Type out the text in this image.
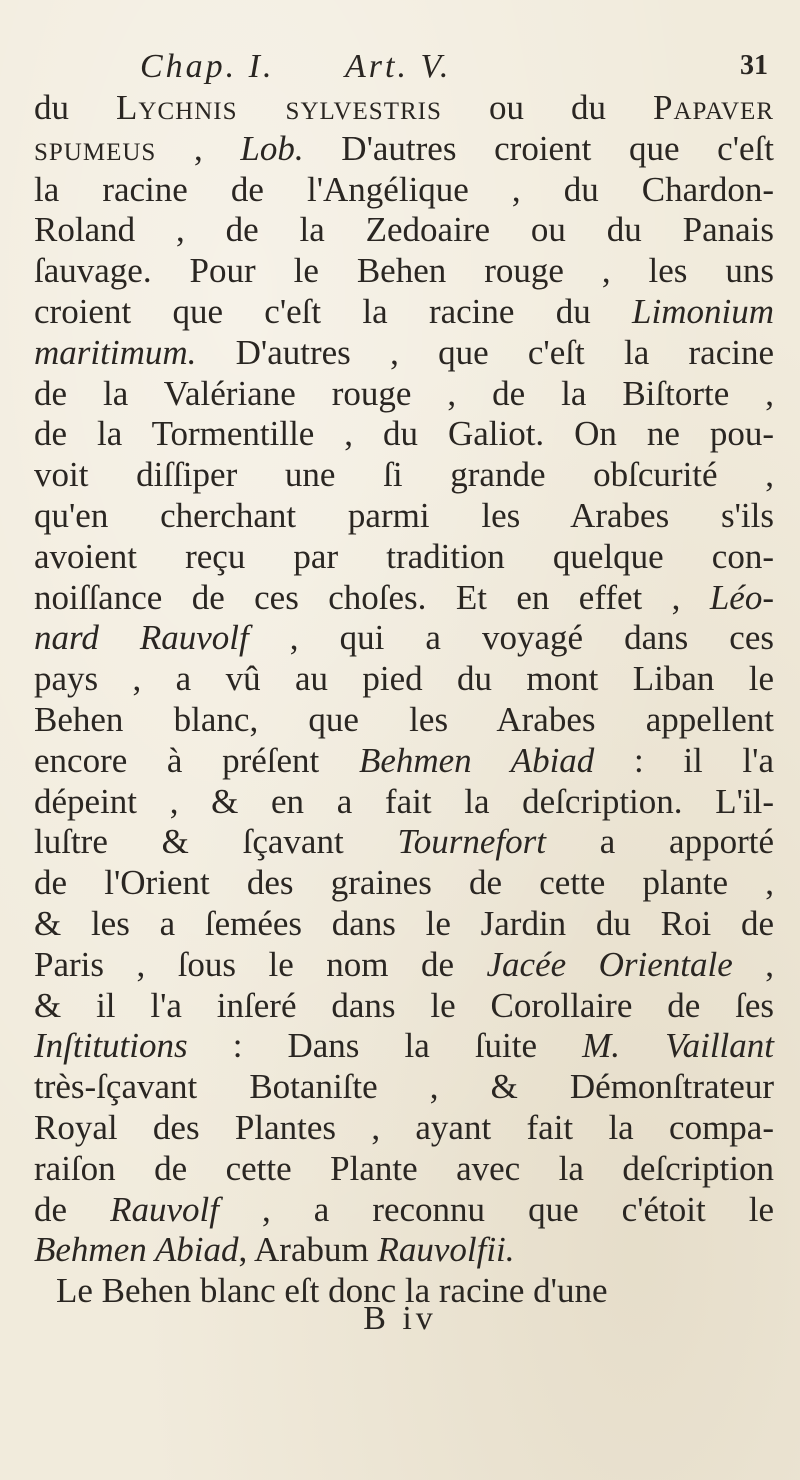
Chap. I. Art. V.	31
du Lychnis sylvestris ou du Papaver
spumeus , Lob. D'autres croient que c'eſt
la racine de l'Angélique , du Chardon-
Roland , de la Zedoaire ou du Panais
ſauvage. Pour le Behen rouge , les uns
croient que c'eſt la racine du Limonium
maritimum. D'autres , que c'eſt la racine
de la Valériane rouge , de la Biſtorte ,
de la Tormentille , du Galiot. On ne pou-
voit diſſiper une ſi grande obſcurité ,
qu'en cherchant parmi les Arabes s'ils
avoient reçu par tradition quelque con-
noiſſance de ces choſes. Et en effet , Léo-
nard Rauvolf , qui a voyagé dans ces
pays , a vû au pied du mont Liban le
Behen blanc, que les Arabes appellent
encore à préſent Behmen Abiad : il l'a
dépeint , & en a fait la deſcription. L'il-
luſtre & ſçavant Tournefort a apporté
de l'Orient des graines de cette plante ,
& les a ſemées dans le Jardin du Roi de
Paris , ſous le nom de Jacée Orientale ,
& il l'a inſeré dans le Corollaire de ſes
Inſtitutions : Dans la ſuite M. Vaillant
très-ſçavant Botaniſte , & Démonſtrateur
Royal des Plantes , ayant fait la compa-
raiſon de cette Plante avec la deſcription
de Rauvolf , a reconnu que c'étoit le
Behmen Abiad, Arabum Rauvolfii.
Le Behen blanc eſt donc la racine d'une
B iv
